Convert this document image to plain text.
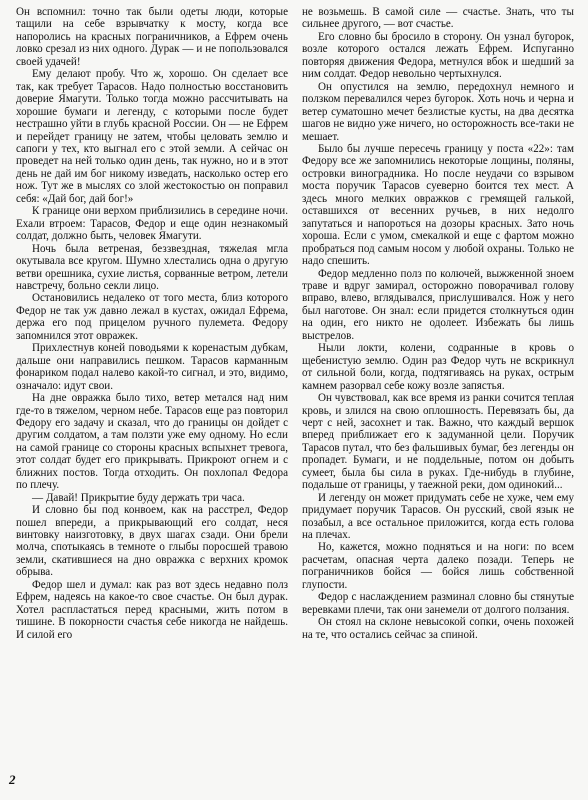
Он вспомнил: точно так были одеты люди, которые тащили на себе взрывчатку к мосту, когда все напоролись на красных пограничников, а Ефрем очень ловко срезал из них одного. Дурак — и не попользовался своей удачей!

Ему делают пробу. Что ж, хорошо. Он сделает все так, как требует Тарасов. Надо полностью восстановить доверие Ямагути. Только тогда можно рассчитывать на хорошие бумаги и легенду, с которыми после будет нестрашно уйти в глубь красной России. Он — не Ефрем и перейдет границу не затем, чтобы целовать землю и сапоги у тех, кто выгнал его с этой земли. А сейчас он проведет на ней только один день, так нужно, но и в этот день не дай им бог никому изведать, насколько остер его нож. Тут же в мыслях со злой жестокостью он поправил себя: «Дай бог, дай бог!»

К границе они верхом приблизились в середине ночи. Ехали втроем: Тарасов, Федор и еще один незнакомый солдат, должно быть, человек Ямагути.

Ночь была ветреная, беззвездная, тяжелая мгла окутывала все кругом. Шумно хлестались одна о другую ветви орешника, сухие листья, сорванные ветром, летели навстречу, больно секли лицо.

Остановились недалеко от того места, близ которого Федор не так уж давно лежал в кустах, ожидал Ефрема, держа его под прицелом ручного пулемета. Федору запомнился этот овражек.

Прихлестнув коней поводьями к коренастым дубкам, дальше они направились пешком. Тарасов карманным фонариком подал налево какой-то сигнал, и это, видимо, означало: идут свои.

На дне овражка было тихо, ветер метался над ним где-то в тяжелом, черном небе. Тарасов еще раз повторил Федору его задачу и сказал, что до границы он дойдет с другим солдатом, а там ползти уже ему одному. Но если на самой границе со стороны красных вспыхнет тревога, этот солдат будет его прикрывать. Прикроют огнем и с ближних постов. Тогда отходить. Он похлопал Федора по плечу.

— Давай! Прикрытие буду держать три часа.

И словно бы под конвоем, как на расстрел, Федор пошел впереди, а прикрывающий его солдат, неся винтовку наизготовку, в двух шагах сзади. Они брели молча, спотыкаясь в темноте о глыбы поросшей травою земли, скатившиеся на дно овражка с верхних кромок обрыва.

Федор шел и думал: как раз вот здесь недавно полз Ефрем, надеясь на какое-то свое счастье. Он был дурак. Хотел распластаться перед красными, жить потом в тишине. В покорности счастья себе никогда не найдешь. И силой его

не возьмешь. В самой силе — счастье. Знать, что ты сильнее другого, — вот счастье.

Его словно бы бросило в сторону. Он узнал бугорок, возле которого остался лежать Ефрем. Испуганно повторяя движения Федора, метнулся вбок и шедший за ним солдат. Федор невольно чертыхнулся.

Он опустился на землю, передохнул немного и ползком перевалился через бугорок. Хоть ночь и черна и ветер суматошно мечет безлистые кусты, на два десятка шагов не видно уже ничего, но осторожность все-таки не мешает.

Было бы лучше пересечь границу у поста «22»: там Федору все же запомнились некоторые лощины, поляны, островки виноградника. Но после неудачи со взрывом моста поручик Тарасов суеверно боится тех мест. А здесь много мелких овражков с гремящей галькой, оставшихся от весенних ручьев, в них недолго запутаться и напороться на дозоры красных. Зато ночь хороша. Если с умом, смекалкой и еще с фартом можно пробраться под самым носом у любой охраны. Только не надо спешить.

Федор медленно полз по колючей, выжженной зноем траве и вдруг замирал, осторожно поворачивал голову вправо, влево, вглядывался, прислушивался. Нож у него был наготове. Он знал: если придется столкнуться один на один, его никто не одолеет. Избежать бы лишь выстрелов.

Ныли локти, колени, содранные в кровь о щебенистую землю. Один раз Федор чуть не вскрикнул от сильной боли, когда, подтягиваясь на руках, острым камнем разорвал себе кожу возле запястья.

Он чувствовал, как все время из ранки сочится теплая кровь, и злился на свою оплошность. Перевязать бы, да черт с ней, засохнет и так. Важно, что каждый вершок вперед приближает его к задуманной цели. Поручик Тарасов путал, что без фальшивых бумаг, без легенды он пропадет. Бумаги, и не поддельные, потом он добыть сумеет, была бы сила в руках. Где-нибудь в глубине, подальше от границы, у таежной реки, дом одинокий...

И легенду он может придумать себе не хуже, чем ему придумает поручик Тарасов. Он русский, свой язык не позабыл, а все остальное приложится, когда есть голова на плечах.

Но, кажется, можно подняться и на ноги: по всем расчетам, опасная черта далеко позади. Теперь не пограничников бойся — бойся лишь собственной глупости.

Федор с наслаждением разминал словно бы стянутые веревками плечи, так они занемели от долгого ползания.

Он стоял на склоне невысокой сопки, очень похожей на те, что остались сейчас за спиной.

2
